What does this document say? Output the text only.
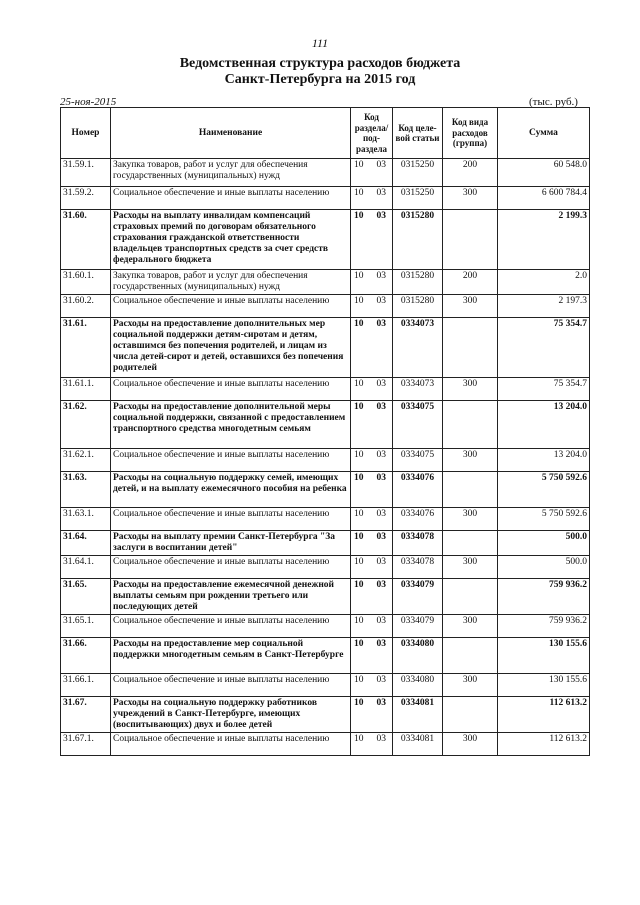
111
Ведомственная структура расходов бюджета
Санкт-Петербурга на 2015 год
25-ноя-2015	(тыс. руб.)
Номер	Наименование	Код раздела/ под- раздела	Код целе- вой статьи	Код вида расходов (группа)	Сумма
31.59.1.	Закупка товаров, работ и услуг для обеспечения государственных (муниципальных) нужд	10 03	0315250	200	60 548.0
31.59.2.	Социальное обеспечение и иные выплаты населению	10 03	0315250	300	6 600 784.4
31.60.	Расходы на выплату инвалидам компенсаций страховых премий по договорам обязательного страхования гражданской ответственности владельцев транспортных средств за счет средств федерального бюджета	10 03	0315280		2 199.3
31.60.1.	Закупка товаров, работ и услуг для обеспечения государственных (муниципальных) нужд	10 03	0315280	200	2.0
31.60.2.	Социальное обеспечение и иные выплаты населению	10 03	0315280	300	2 197.3
31.61.	Расходы на предоставление дополнительных мер социальной поддержки детям-сиротам и детям, оставшимся без попечения родителей, и лицам из числа детей-сирот и детей, оставшихся без попечения родителей	10 03	0334073		75 354.7
31.61.1.	Социальное обеспечение и иные выплаты населению	10 03	0334073	300	75 354.7
31.62.	Расходы на предоставление дополнительной меры социальной поддержки, связанной с предоставлением транспортного средства многодетным семьям	10 03	0334075		13 204.0
31.62.1.	Социальное обеспечение и иные выплаты населению	10 03	0334075	300	13 204.0
31.63.	Расходы на социальную поддержку семей, имеющих детей, и на выплату ежемесячного пособия на ребенка	10 03	0334076		5 750 592.6
31.63.1.	Социальное обеспечение и иные выплаты населению	10 03	0334076	300	5 750 592.6
31.64.	Расходы на выплату премии Санкт-Петербурга "За заслуги в воспитании детей"	10 03	0334078		500.0
31.64.1.	Социальное обеспечение и иные выплаты населению	10 03	0334078	300	500.0
31.65.	Расходы на предоставление ежемесячной денежной выплаты семьям при рождении третьего или последующих детей	10 03	0334079		759 936.2
31.65.1.	Социальное обеспечение и иные выплаты населению	10 03	0334079	300	759 936.2
31.66.	Расходы на предоставление мер социальной поддержки многодетным семьям в Санкт-Петербурге	10 03	0334080		130 155.6
31.66.1.	Социальное обеспечение и иные выплаты населению	10 03	0334080	300	130 155.6
31.67.	Расходы на социальную поддержку работников учреждений в Санкт-Петербурге, имеющих (воспитывающих) двух и более детей	10 03	0334081		112 613.2
31.67.1.	Социальное обеспечение и иные выплаты населению	10 03	0334081	300	112 613.2
